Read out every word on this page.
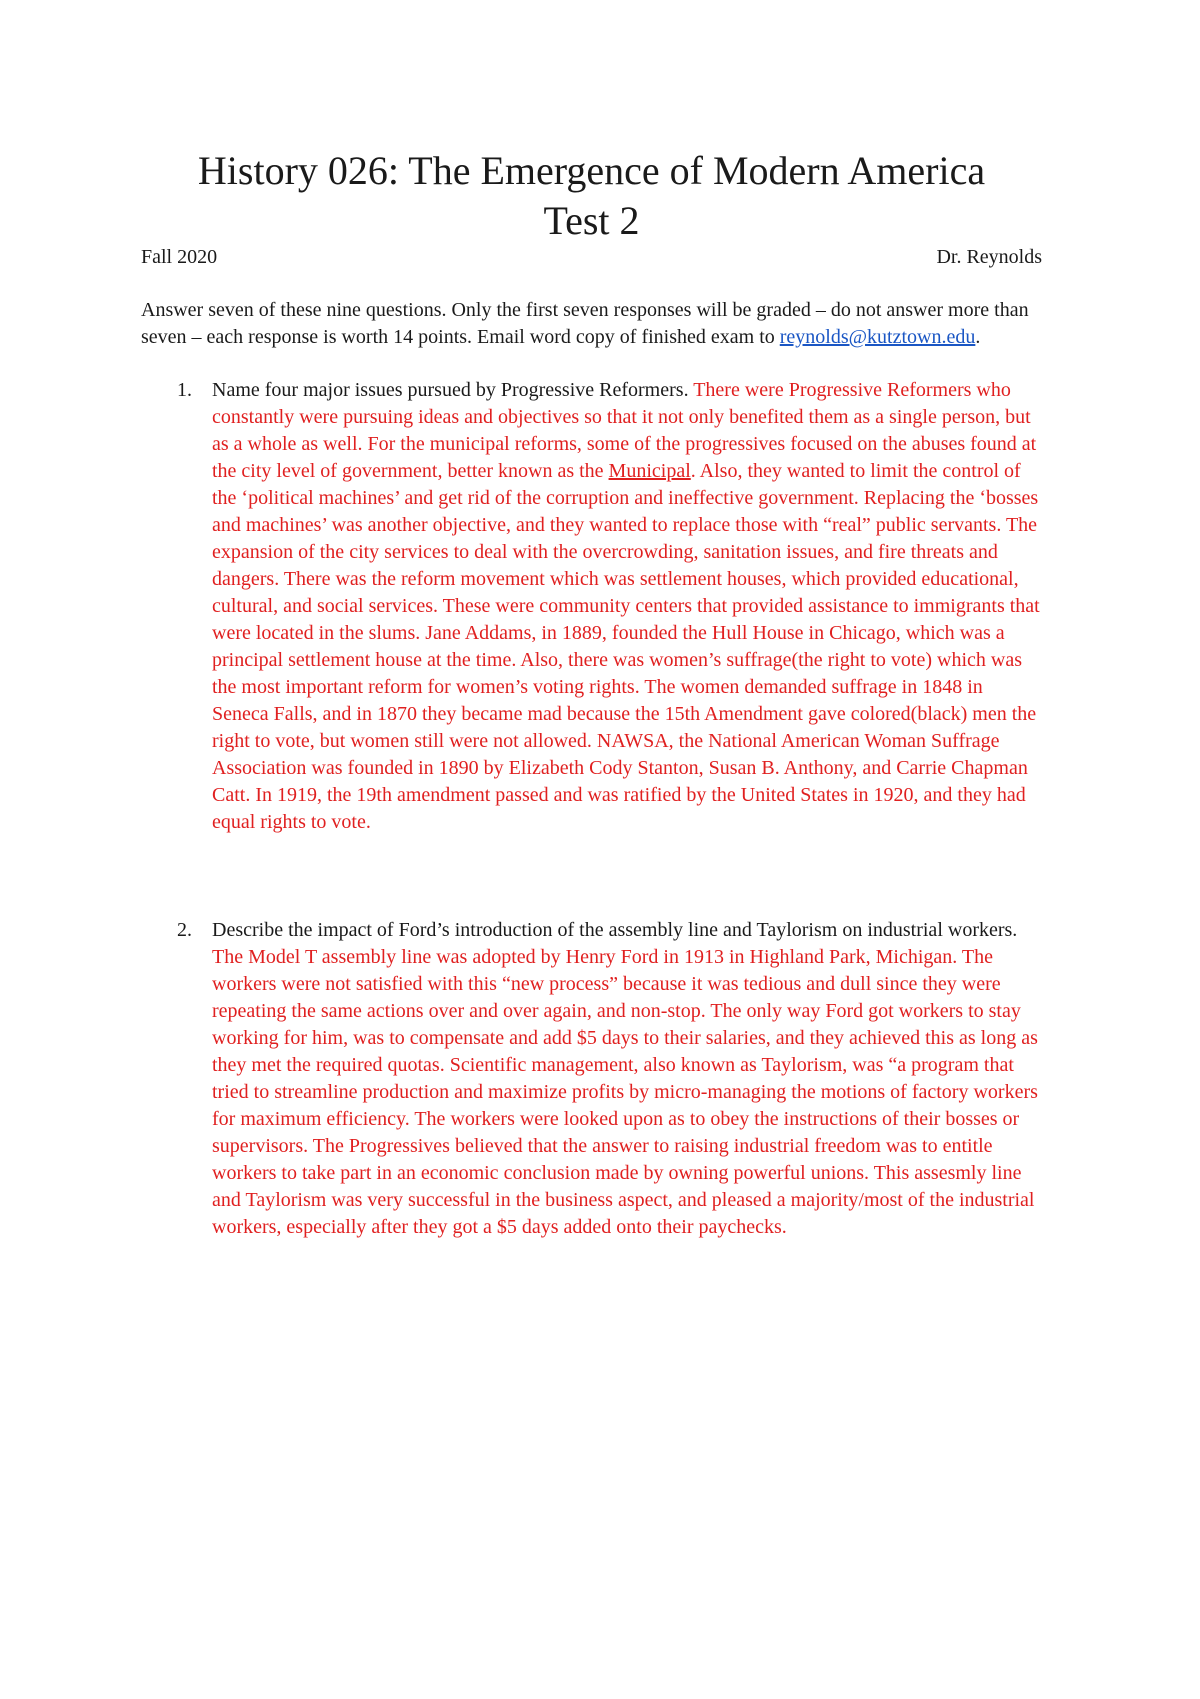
History 026: The Emergence of Modern America
Test 2
Fall 2020	Dr. Reynolds
Answer seven of these nine questions. Only the first seven responses will be graded – do not answer more than seven – each response is worth 14 points. Email word copy of finished exam to reynolds@kutztown.edu.
1.	Name four major issues pursued by Progressive Reformers. There were Progressive Reformers who constantly were pursuing ideas and objectives so that it not only benefited them as a single person, but as a whole as well. For the municipal reforms, some of the progressives focused on the abuses found at the city level of government, better known as the Municipal. Also, they wanted to limit the control of the ‘political machines’ and get rid of the corruption and ineffective government. Replacing the ‘bosses and machines’ was another objective, and they wanted to replace those with “real” public servants. The expansion of the city services to deal with the overcrowding, sanitation issues, and fire threats and dangers. There was the reform movement which was settlement houses, which provided educational, cultural, and social services. These were community centers that provided assistance to immigrants that were located in the slums. Jane Addams, in 1889, founded the Hull House in Chicago, which was a principal settlement house at the time. Also, there was women’s suffrage(the right to vote) which was the most important reform for women’s voting rights. The women demanded suffrage in 1848 in Seneca Falls, and in 1870 they became mad because the 15th Amendment gave colored(black) men the right to vote, but women still were not allowed. NAWSA, the National American Woman Suffrage Association was founded in 1890 by Elizabeth Cody Stanton, Susan B. Anthony, and Carrie Chapman Catt. In 1919, the 19th amendment passed and was ratified by the United States in 1920, and they had equal rights to vote.
2.	Describe the impact of Ford’s introduction of the assembly line and Taylorism on industrial workers. The Model T assembly line was adopted by Henry Ford in 1913 in Highland Park, Michigan. The workers were not satisfied with this “new process” because it was tedious and dull since they were repeating the same actions over and over again, and non-stop. The only way Ford got workers to stay working for him, was to compensate and add $5 days to their salaries, and they achieved this as long as they met the required quotas. Scientific management, also known as Taylorism, was “a program that tried to streamline production and maximize profits by micro-managing the motions of factory workers for maximum efficiency. The workers were looked upon as to obey the instructions of their bosses or supervisors. The Progressives believed that the answer to raising industrial freedom was to entitle workers to take part in an economic conclusion made by owning powerful unions. This assesmly line and Taylorism was very successful in the business aspect, and pleased a majority/most of the industrial workers, especially after they got a $5 days added onto their paychecks.
